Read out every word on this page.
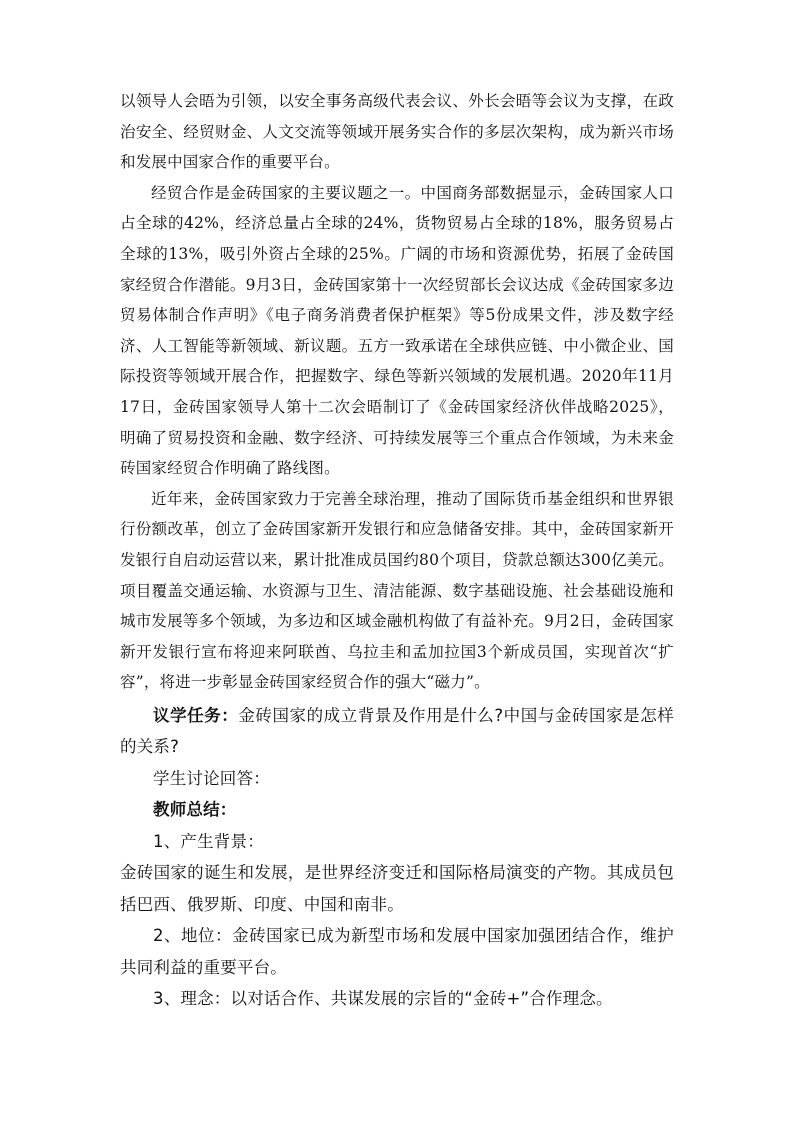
以领导人会晤为引领，以安全事务高级代表会议、外长会晤等会议为支撑，在政治安全、经贸财金、人文交流等领域开展务实合作的多层次架构，成为新兴市场和发展中国家合作的重要平台。

经贸合作是金砖国家的主要议题之一。中国商务部数据显示，金砖国家人口占全球的42%，经济总量占全球的24%，货物贸易占全球的18%，服务贸易占全球的13%，吸引外资占全球的25%。广阔的市场和资源优势，拓展了金砖国家经贸合作潜能。9月3日，金砖国家第十一次经贸部长会议达成《金砖国家多边贸易体制合作声明》《电子商务消费者保护框架》等5份成果文件，涉及数字经济、人工智能等新领域、新议题。五方一致承诺在全球供应链、中小微企业、国际投资等领域开展合作，把握数字、绿色等新兴领域的发展机遇。2020年11月17日，金砖国家领导人第十二次会晤制订了《金砖国家经济伙伴战略2025》，明确了贸易投资和金融、数字经济、可持续发展等三个重点合作领域，为未来金砖国家经贸合作明确了路线图。

近年来，金砖国家致力于完善全球治理，推动了国际货币基金组织和世界银行份额改革，创立了金砖国家新开发银行和应急储备安排。其中，金砖国家新开发银行自启动运营以来，累计批准成员国约80个项目，贷款总额达300亿美元。项目覆盖交通运输、水资源与卫生、清洁能源、数字基础设施、社会基础设施和城市发展等多个领域，为多边和区域金融机构做了有益补充。9月2日，金砖国家新开发银行宣布将迎来阿联酋、乌拉圭和孟加拉国3个新成员国，实现首次“扩容”，将进一步彰显金砖国家经贸合作的强大“磁力”。

议学任务：金砖国家的成立背景及作用是什么?中国与金砖国家是怎样的关系?

学生讨论回答：

教师总结：

1、产生背景：

金砖国家的诞生和发展，是世界经济变迁和国际格局演变的产物。其成员包括巴西、俄罗斯、印度、中国和南非。

2、地位：金砖国家已成为新型市场和发展中国家加强团结合作，维护共同利益的重要平台。

3、理念：以对话合作、共谋发展的宗旨的“金砖+”合作理念。
